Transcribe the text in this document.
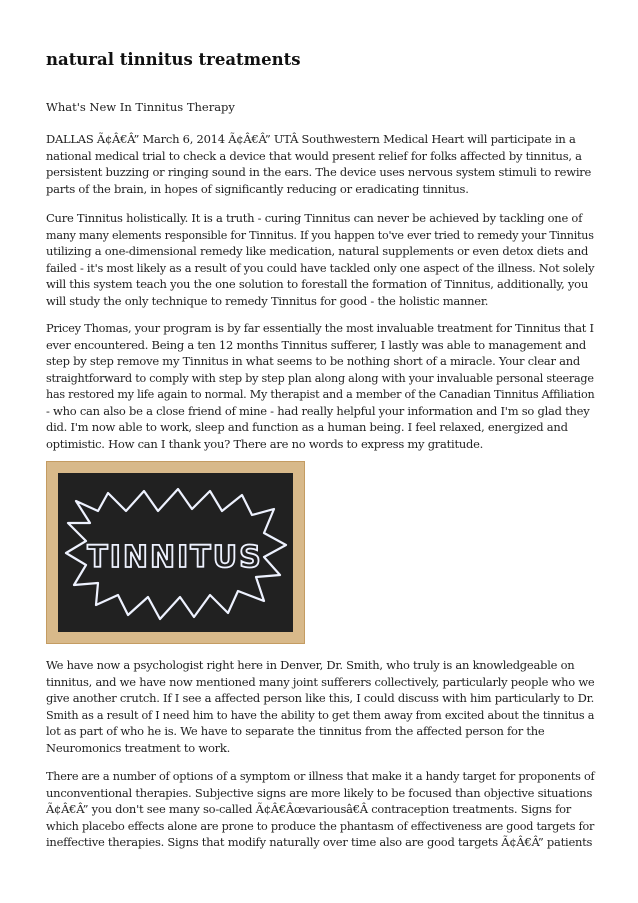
natural tinnitus treatments

What's New In Tinnitus Therapy

DALLAS Ã¢Â€Â” March 6, 2014 Ã¢Â€Â” UTÂ Southwestern Medical Heart will participate in a
national medical trial to check a device that would present relief for folks affected by tinnitus, a
persistent buzzing or ringing sound in the ears. The device uses nervous system stimuli to rewire
parts of the brain, in hopes of significantly reducing or eradicating tinnitus.

Cure Tinnitus holistically. It is a truth - curing Tinnitus can never be achieved by tackling one of
many many elements responsible for Tinnitus. If you happen to've ever tried to remedy your Tinnitus
utilizing a one-dimensional remedy like medication, natural supplements or even detox diets and
failed - it's most likely as a result of you could have tackled only one aspect of the illness. Not solely
will this system teach you the one solution to forestall the formation of Tinnitus, additionally, you
will study the only technique to remedy Tinnitus for good - the holistic manner.

Pricey Thomas, your program is by far essentially the most invaluable treatment for Tinnitus that I
ever encountered. Being a ten 12 months Tinnitus sufferer, I lastly was able to management and
step by step remove my Tinnitus in what seems to be nothing short of a miracle. Your clear and
straightforward to comply with step by step plan along along with your invaluable personal steerage
has restored my life again to normal. My therapist and a member of the Canadian Tinnitus Affiliation
- who can also be a close friend of mine - had really helpful your information and I'm so glad they
did. I'm now able to work, sleep and function as a human being. I feel relaxed, energized and
optimistic. How can I thank you? There are no words to express my gratitude.

TINNITUS

We have now a psychologist right here in Denver, Dr. Smith, who truly is an knowledgeable on
tinnitus, and we have now mentioned many joint sufferers collectively, particularly people who we
give another crutch. If I see a affected person like this, I could discuss with him particularly to Dr.
Smith as a result of I need him to have the ability to get them away from excited about the tinnitus a
lot as part of who he is. We have to separate the tinnitus from the affected person for the
Neuromonics treatment to work.

There are a number of options of a symptom or illness that make it a handy target for proponents of
unconventional therapies. Subjective signs are more likely to be focused than objective situations
Ã¢Â€Â” you don't see many so-called Ã¢Â€Âœvariousâ€Â contraception treatments. Signs for
which placebo effects alone are prone to produce the phantasm of effectiveness are good targets for
ineffective therapies. Signs that modify naturally over time also are good targets Ã¢Â€Â” patients
